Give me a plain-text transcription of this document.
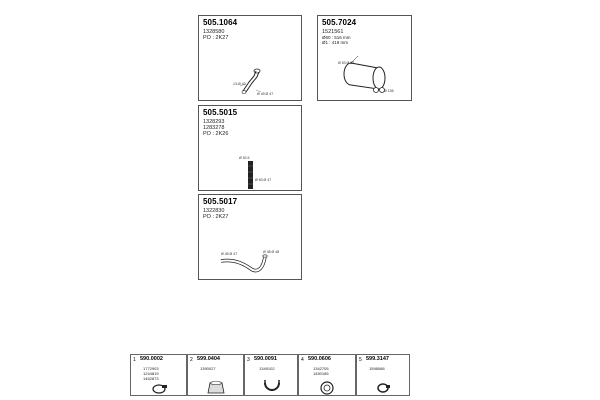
505.1064
1328580
PO : 2K27
13-Ø 43
Ø 49 Ø 47
505.7024
1521561
Ø60 : 516 mm
Ø1 : 419 mm
Ø 53 Ø 53
Ø 136
505.5015
1328293
1283278
PO : 2K26
Ø 52.5
Ø 63 Ø 47
505.5017
1322830
PO : 2K27
Ø 45 Ø 47	Ø 48 Ø 48
1 590.0002
1772903
1244819
1452873
2 599.0404
1390027
3 590.0091
1349102
4 590.0606
1342705
1450185
5 599.3147
1598068
